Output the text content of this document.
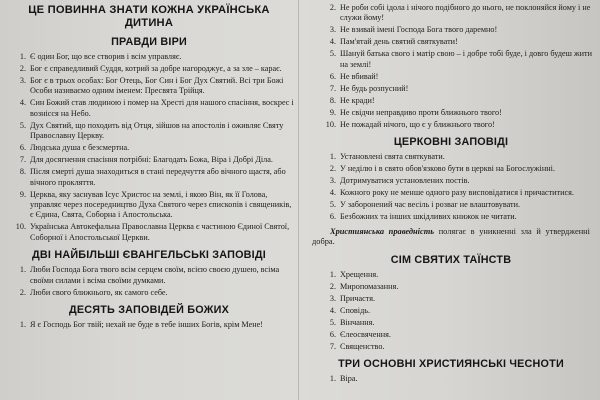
ЦЕ ПОВИННА ЗНАТИ КОЖНА УКРАЇНСЬКА ДИТИНА
ПРАВДИ ВІРИ
1 . Є один Бог, що все створив і всім управляє.
2 . Бог є справедливий Суддя, котрий за добре нагороджує, а за зле – карає.
3 . Бог є в трьох особах: Бог Отець, Бог Син і Бог Дух Святий. Всі три Божі Особи називаємо одним іменем: Пресвята Трійця.
4 . Син Божий став людиною і помер на Хресті для нашого спасіння, воскрес і вознісся на Небо.
5 . Дух Святий, що походить від Отця, зійшов на апостолів і оживляє Святу Православну Церкву.
6 . Людська душа є безсмертна.
7 . Для досягнення спасіння потрібні: Благодать Божа, Віра і Добрі Діла.
8 . Після смерті душа знаходиться в стані передчуття або вічного щастя, або вічного прокляття.
9 . Церква, яку заснував Ісус Христос на землі, і якою Він, як її Голова, управляє через посередництво Духа Святого через єпископів і священиків, є Єдина, Свята, Соборна і Апостольська.
10 . Українська Автокефальна Православна Церква є частиною Єдиної Святої, Соборної і Апостольської Церкви.
ДВІ НАЙБІЛЬШІ ЄВАНГЕЛЬСЬКІ ЗАПОВІДІ
1 . Люби Господа Бога твого всім серцем своїм, всією своєю душею, всіма своїми силами і всіма своїми думками.
2 . Люби свого ближнього, як самого себе.
ДЕСЯТЬ ЗАПОВІДЕЙ БОЖИХ
1 . Я є Господь Бог твій; нехай не буде в тебе інших Богів, крім Мене!
2 . Не роби собі ідола і нічого подібного до нього, не поклоняйся йому і не служи йому!
3 . Не взивай імені Господа Бога твого даремно!
4 . Пам'ятай день святий святкувати!
5 . Шануй батька свого і матір свою – і добре тобі буде, і довго будеш жити на землі!
6 . Не вбивай!
7 . Не будь розпусний!
8 . Не кради!
9 . Не свідчи неправдиво проти ближнього твого!
10 . Не пожадай нічого, що є у ближнього твого!
ЦЕРКОВНІ ЗАПОВІДІ
1 . Установлені свята святкувати.
2 . У неділю і в свято обов'язково бути в церкві на Богослужінні.
3 . Дотримуватися установлених постів.
4 . Кожного року не менше одного разу висповідатися і причаститися.
5 . У заборонений час весіль і розваг не влаштовувати.
6 . Безбожних та інших шкідливих книжок не читати.
Християнська праведність полягає в уникненні зла й утвердженні добра.
СІМ СВЯТИХ ТАЇНСТВ
1 . Хрещення.
2 . Миропомазання.
3 . Причастя.
4 . Сповідь.
5 . Вінчання.
6 . Єлеосвячення.
7 . Священство.
ТРИ ОСНОВНІ ХРИСТИЯНСЬКІ ЧЕСНОТИ
1 . Віра.
